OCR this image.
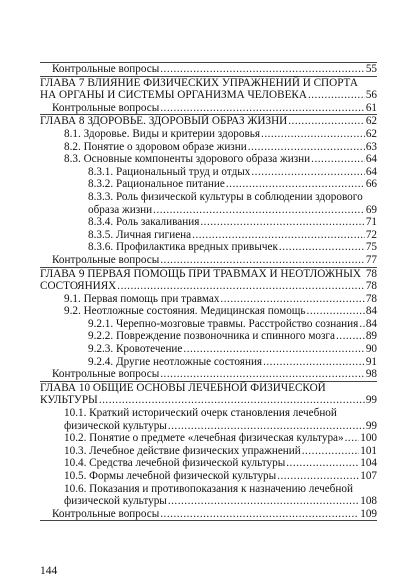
Контрольные вопросы .....	55
ГЛАВА 7 ВЛИЯНИЕ ФИЗИЧЕСКИХ УПРАЖНЕНИЙ И СПОРТА
НА ОРГАНЫ И СИСТЕМЫ ОРГАНИЗМА ЧЕЛОВЕКА .....	56
Контрольные вопросы .....	61
ГЛАВА 8 ЗДОРОВЬЕ. ЗДОРОВЫЙ ОБРАЗ ЖИЗНИ .....	62
8.1. Здоровье. Виды и критерии здоровья .....	62
8.2. Понятие о здоровом образе жизни .....	63
8.3. Основные компоненты здорового образа жизни .....	64
8.3.1. Рациональный труд и отдых .....	64
8.3.2. Рациональное питание .....	66
8.3.3. Роль физической культуры в соблюдении здорового
образа жизни .....	69
8.3.4. Роль закаливания .....	71
8.3.5. Личная гигиена .....	72
8.3.6. Профилактика вредных привычек .....	75
Контрольные вопросы .....	77
ГЛАВА 9 ПЕРВАЯ ПОМОЩЬ ПРИ ТРАВМАХ И НЕОТЛОЖНЫХ 78
СОСТОЯНИЯХ .....	78
9.1. Первая помощь при травмах .....	78
9.2. Неотложные состояния. Медицинская помощь .....	84
9.2.1. Черепно-мозговые травмы. Расстройство сознания ..... 84
9.2.2. Повреждение позвоночника и спинного мозга .....	89
9.2.3. Кровотечение .....	90
9.2.4. Другие неотложные состояния .....	91
Контрольные вопросы .....	98
ГЛАВА 10 ОБЩИЕ ОСНОВЫ ЛЕЧЕБНОЙ ФИЗИЧЕСКОЙ
КУЛЬТУРЫ .....	99
10.1. Краткий исторический очерк становления лечебной
физической культуры .....	99
10.2. Понятие о предмете «лечебная физическая культура» ..... 100
10.3. Лечебное действие физических упражнений .....	101
10.4. Средства лечебной физической культуры .....	104
10.5. Формы лечебной физической культуры .....	107
10.6. Показания и противопоказания к назначению лечебной
физической культуры .....	108
Контрольные вопросы .....	109
144
